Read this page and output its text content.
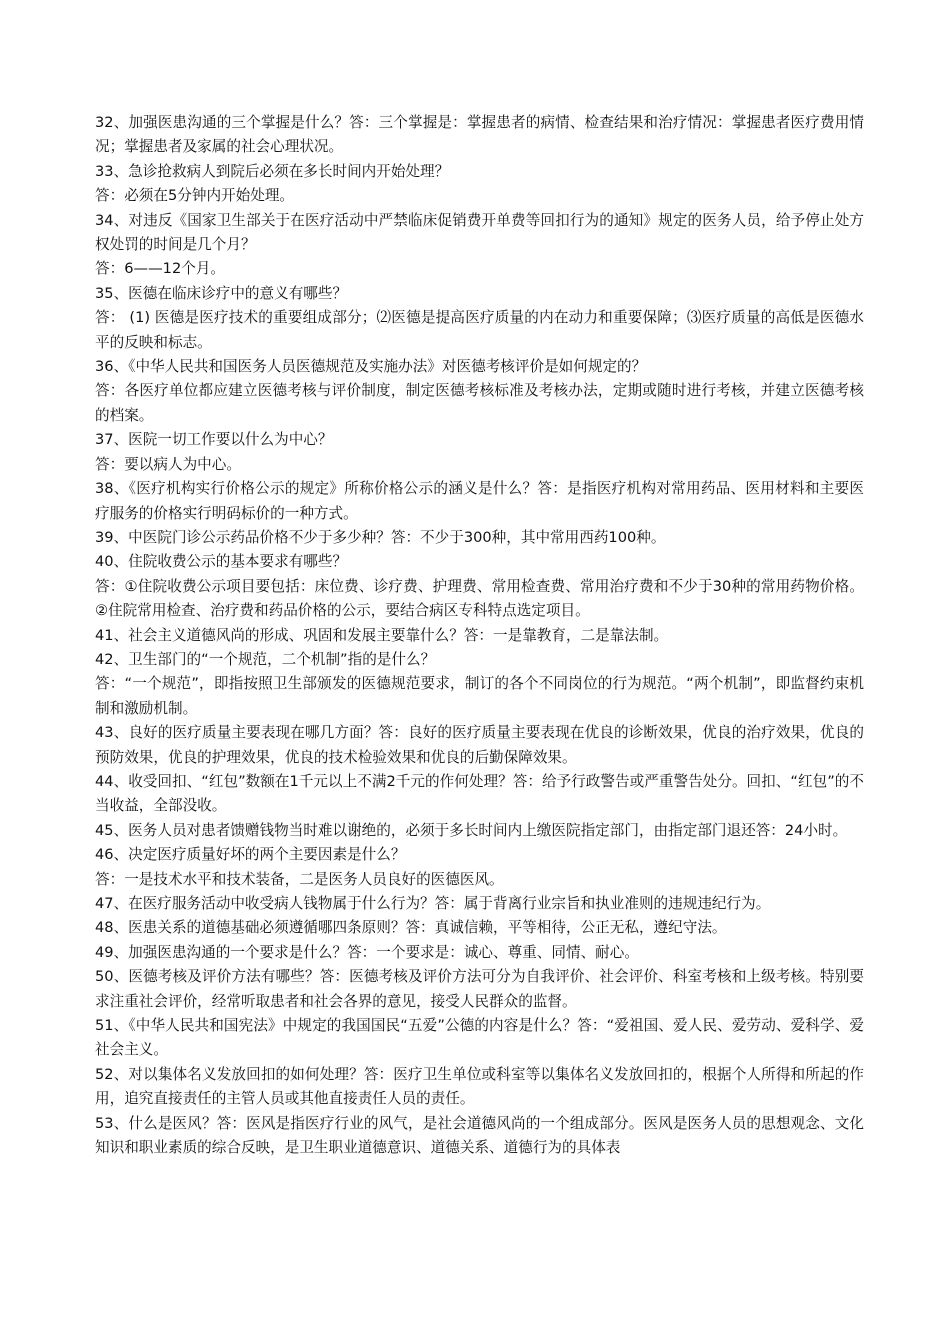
32、加强医患沟通的三个掌握是什么？答：三个掌握是：掌握患者的病情、检查结果和治疗情况：掌握患者医疗费用情况；掌握患者及家属的社会心理状况。

33、急诊抢救病人到院后必须在多长时间内开始处理？

答：必须在5分钟内开始处理。

34、对违反《国家卫生部关于在医疗活动中严禁临床促销费开单费等回扣行为的通知》规定的医务人员，给予停止处方权处罚的时间是几个月？

答：6——12个月。

35、医德在临床诊疗中的意义有哪些？

答： (1) 医德是医疗技术的重要组成部分；⑵医德是提高医疗质量的内在动力和重要保障；⑶医疗质量的高低是医德水平的反映和标志。

36、《中华人民共和国医务人员医德规范及实施办法》对医德考核评价是如何规定的？

答：各医疗单位都应建立医德考核与评价制度，制定医德考核标准及考核办法，定期或随时进行考核，并建立医德考核的档案。

37、医院一切工作要以什么为中心？

答：要以病人为中心。

38、《医疗机构实行价格公示的规定》所称价格公示的涵义是什么？答：是指医疗机构对常用药品、医用材料和主要医疗服务的价格实行明码标价的一种方式。

39、中医院门诊公示药品价格不少于多少种？答：不少于300种，其中常用西药100种。

40、住院收费公示的基本要求有哪些？

答：①住院收费公示项目要包括：床位费、诊疗费、护理费、常用检查费、常用治疗费和不少于30种的常用药物价格。②住院常用检查、治疗费和药品价格的公示，要结合病区专科特点选定项目。

41、社会主义道德风尚的形成、巩固和发展主要靠什么？答：一是靠教育，二是靠法制。

42、卫生部门的“一个规范，二个机制”指的是什么？

答：“一个规范”，即指按照卫生部颁发的医德规范要求，制订的各个不同岗位的行为规范。“两个机制”，即监督约束机制和激励机制。

43、良好的医疗质量主要表现在哪几方面？答：良好的医疗质量主要表现在优良的诊断效果，优良的治疗效果，优良的预防效果，优良的护理效果，优良的技术检验效果和优良的后勤保障效果。

44、收受回扣、“红包”数额在1千元以上不满2千元的作何处理？答：给予行政警告或严重警告处分。回扣、“红包”的不当收益，全部没收。

45、医务人员对患者馈赠钱物当时难以谢绝的，必须于多长时间内上缴医院指定部门，由指定部门退还答：24小时。

46、决定医疗质量好坏的两个主要因素是什么？

答：一是技术水平和技术装备，二是医务人员良好的医德医风。

47、在医疗服务活动中收受病人钱物属于什么行为？答：属于背离行业宗旨和执业准则的违规违纪行为。

48、医患关系的道德基础必须遵循哪四条原则？答：真诚信赖，平等相待，公正无私，遵纪守法。

49、加强医患沟通的一个要求是什么？答：一个要求是：诚心、尊重、同情、耐心。

50、医德考核及评价方法有哪些？答：医德考核及评价方法可分为自我评价、社会评价、科室考核和上级考核。特别要求注重社会评价，经常听取患者和社会各界的意见，接受人民群众的监督。

51、《中华人民共和国宪法》中规定的我国国民“五爱”公德的内容是什么？答：“爱祖国、爱人民、爱劳动、爱科学、爱社会主义。

52、对以集体名义发放回扣的如何处理？答：医疗卫生单位或科室等以集体名义发放回扣的，根据个人所得和所起的作用，追究直接责任的主管人员或其他直接责任人员的责任。

53、什么是医风？答：医风是指医疗行业的风气，是社会道德风尚的一个组成部分。医风是医务人员的思想观念、文化知识和职业素质的综合反映，是卫生职业道德意识、道德关系、道德行为的具体表
